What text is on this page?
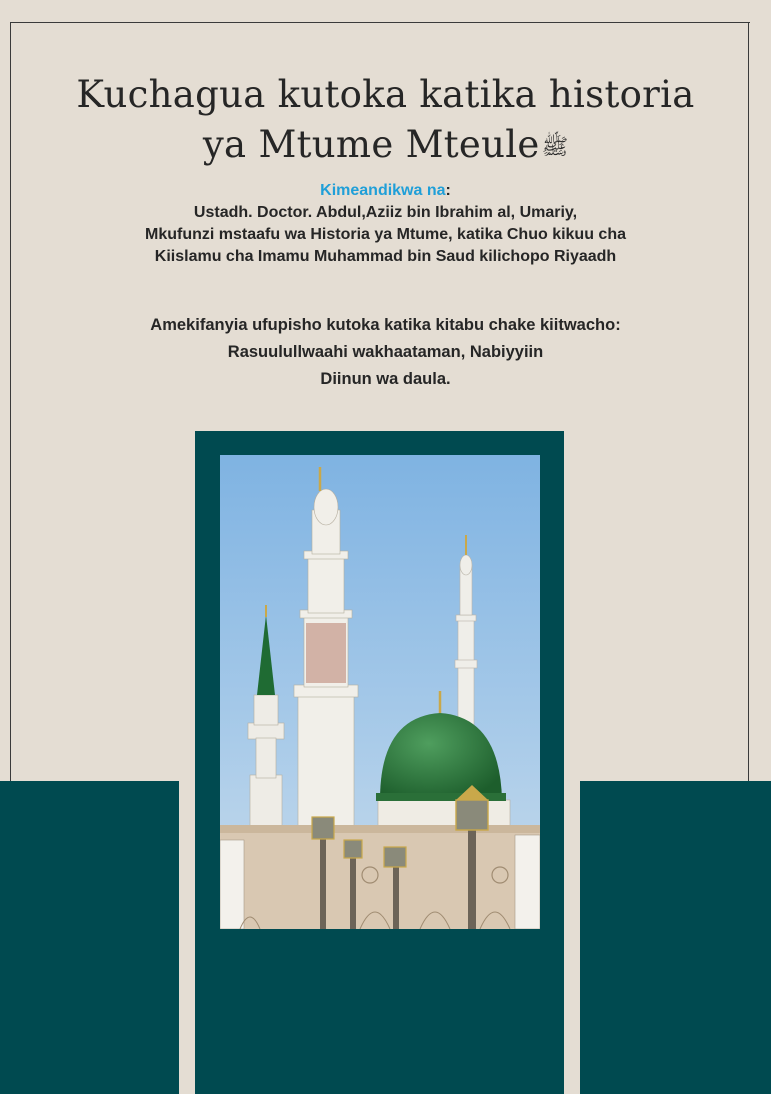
Kuchagua kutoka katika historia
ya Mtume Mteuleﷺ
Kimeandikwa na:
Ustadh. Doctor. Abdul,Aziiz bin Ibrahim al, Umariy,
Mkufunzi mstaafu wa Historia ya Mtume, katika Chuo kikuu cha
Kiislamu cha Imamu Muhammad bin Saud kilichopo Riyaadh
Amekifanyia ufupisho kutoka katika kitabu chake kiitwacho:
Rasuulullwaahi wakhaataman, Nabiyyiin
Diinun wa daula.
